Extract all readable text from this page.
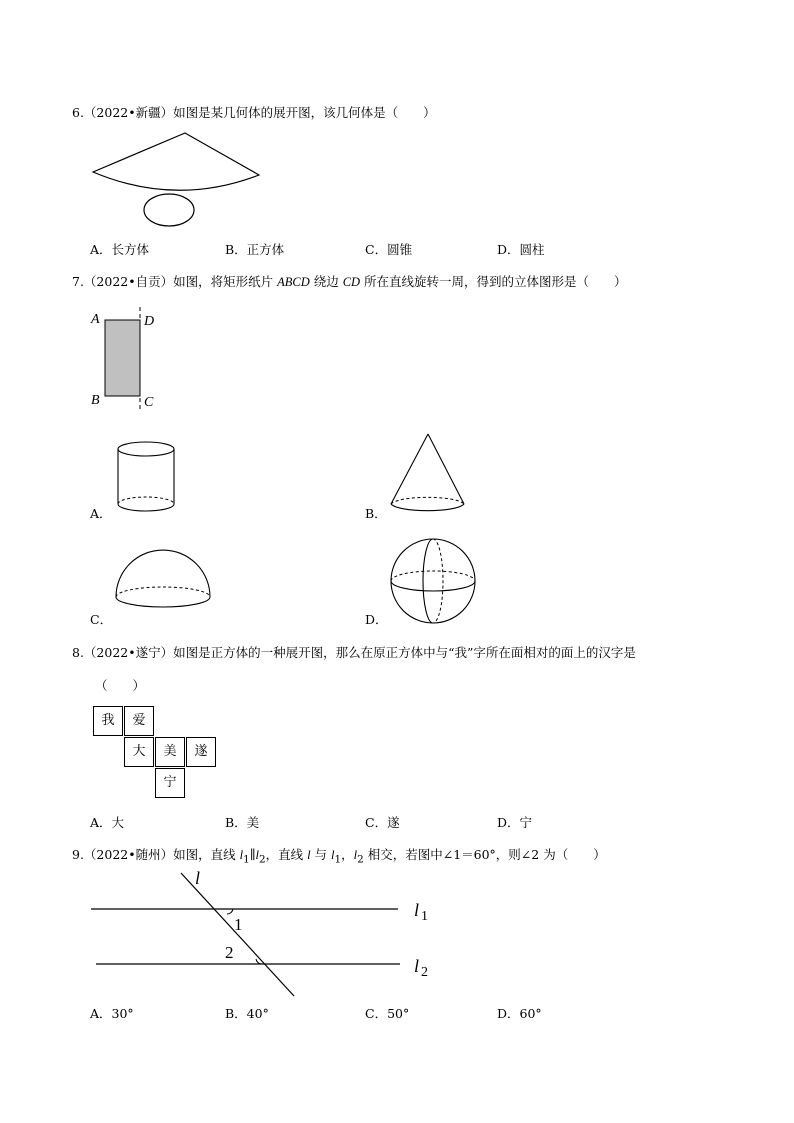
6.（2022•新疆）如图是某几何体的展开图，该几何体是（　　）
A．长方体	B．正方体	C．圆锥	D．圆柱
7.（2022•自贡）如图，将矩形纸片 ABCD 绕边 CD 所在直线旋转一周，得到的立体图形是（　　）
A	D
B	C
A．	B．
C．	D．
8.（2022•遂宁）如图是正方体的一种展开图，那么在原正方体中与“我”字所在面相对的面上的汉字是
（　　）
我	爱
大	美	遂
宁
A．大	B．美	C．遂	D．宁
9.（2022•随州）如图，直线 $l_1\parallel l_2$，直线 l 与 $l_1$，$l_2$ 相交，若图中∠1＝60°，则∠2 为（　　）
l
1
2
l $_1$
l $_2$
A．30°	B．40°	C．50°	D．60°
